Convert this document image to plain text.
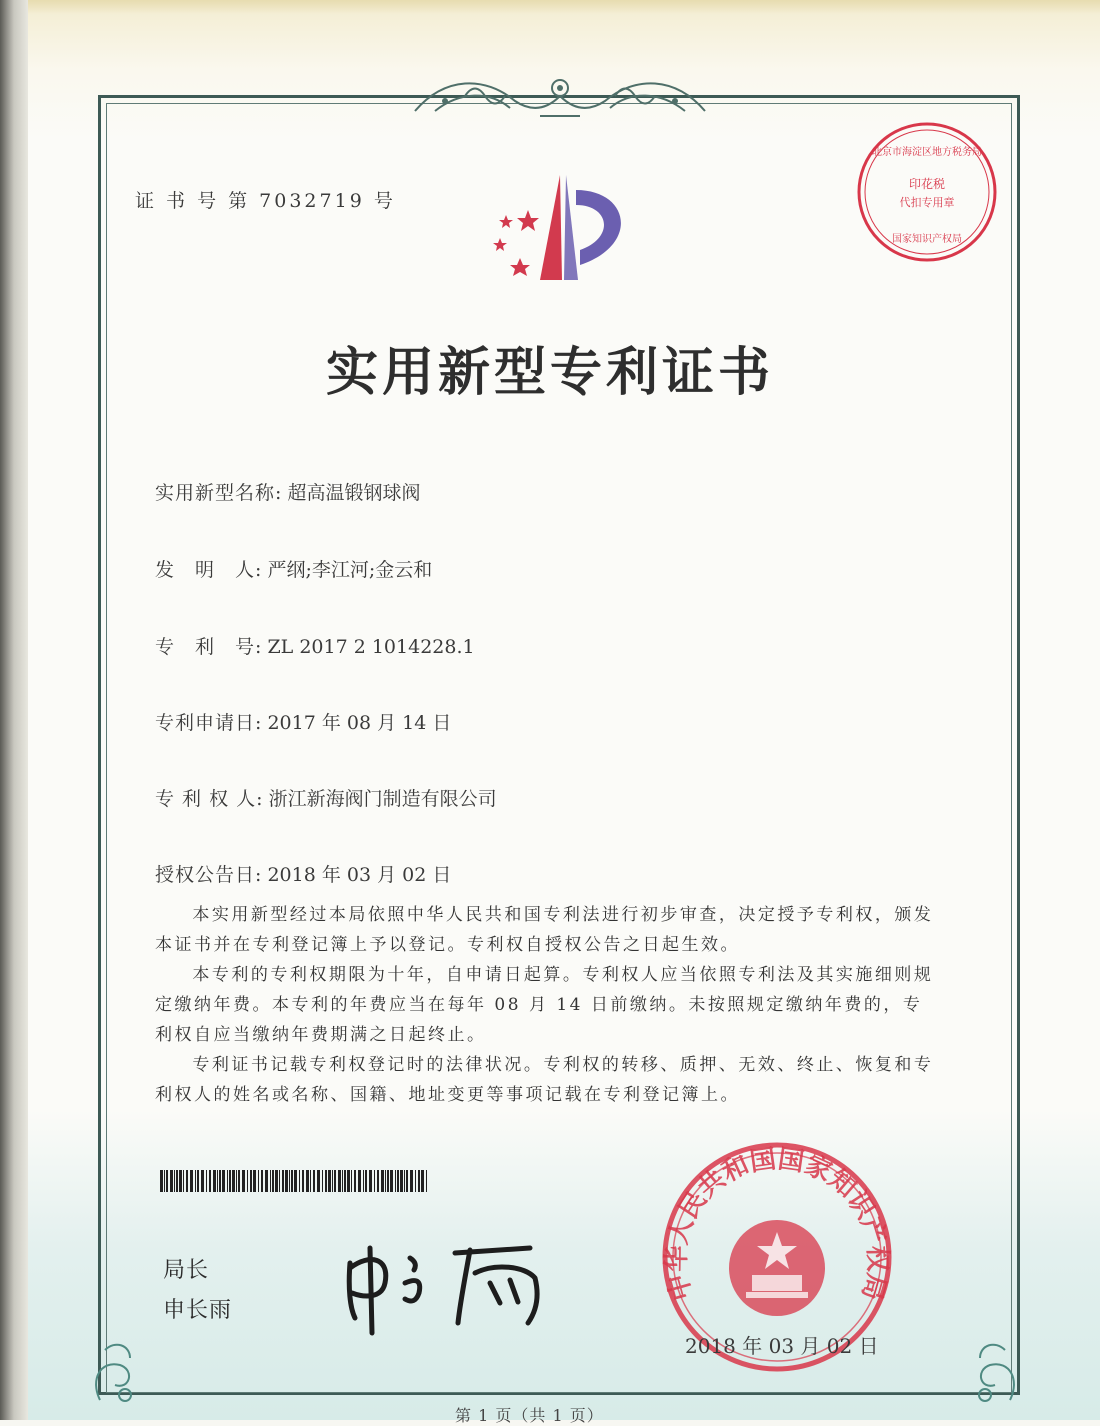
证 书 号 第 7032719 号
北京市海淀区地方税务局
印花税
代扣专用章
国家知识产权局
实用新型专利证书
实用新型名称: 超高温锻钢球阀
发　明　人: 严纲;李江河;金云和
专　利　号: ZL 2017 2 1014228.1
专利申请日: 2017 年 08 月 14 日
专 利 权 人: 浙江新海阀门制造有限公司
授权公告日: 2018 年 03 月 02 日

本实用新型经过本局依照中华人民共和国专利法进行初步审查，决定授予专利权，颁发本证书并在专利登记簿上予以登记。专利权自授权公告之日起生效。

本专利的专利权期限为十年，自申请日起算。专利权人应当依照专利法及其实施细则规定缴纳年费。本专利的年费应当在每年 08 月 14 日前缴纳。未按照规定缴纳年费的，专利权自应当缴纳年费期满之日起终止。

专利证书记载专利权登记时的法律状况。专利权的转移、质押、无效、终止、恢复和专利权人的姓名或名称、国籍、地址变更等事项记载在专利登记簿上。

局长
申长雨
中华人民共和国国家知识产权局
2018 年 03 月 02 日
第 1 页（共 1 页）
